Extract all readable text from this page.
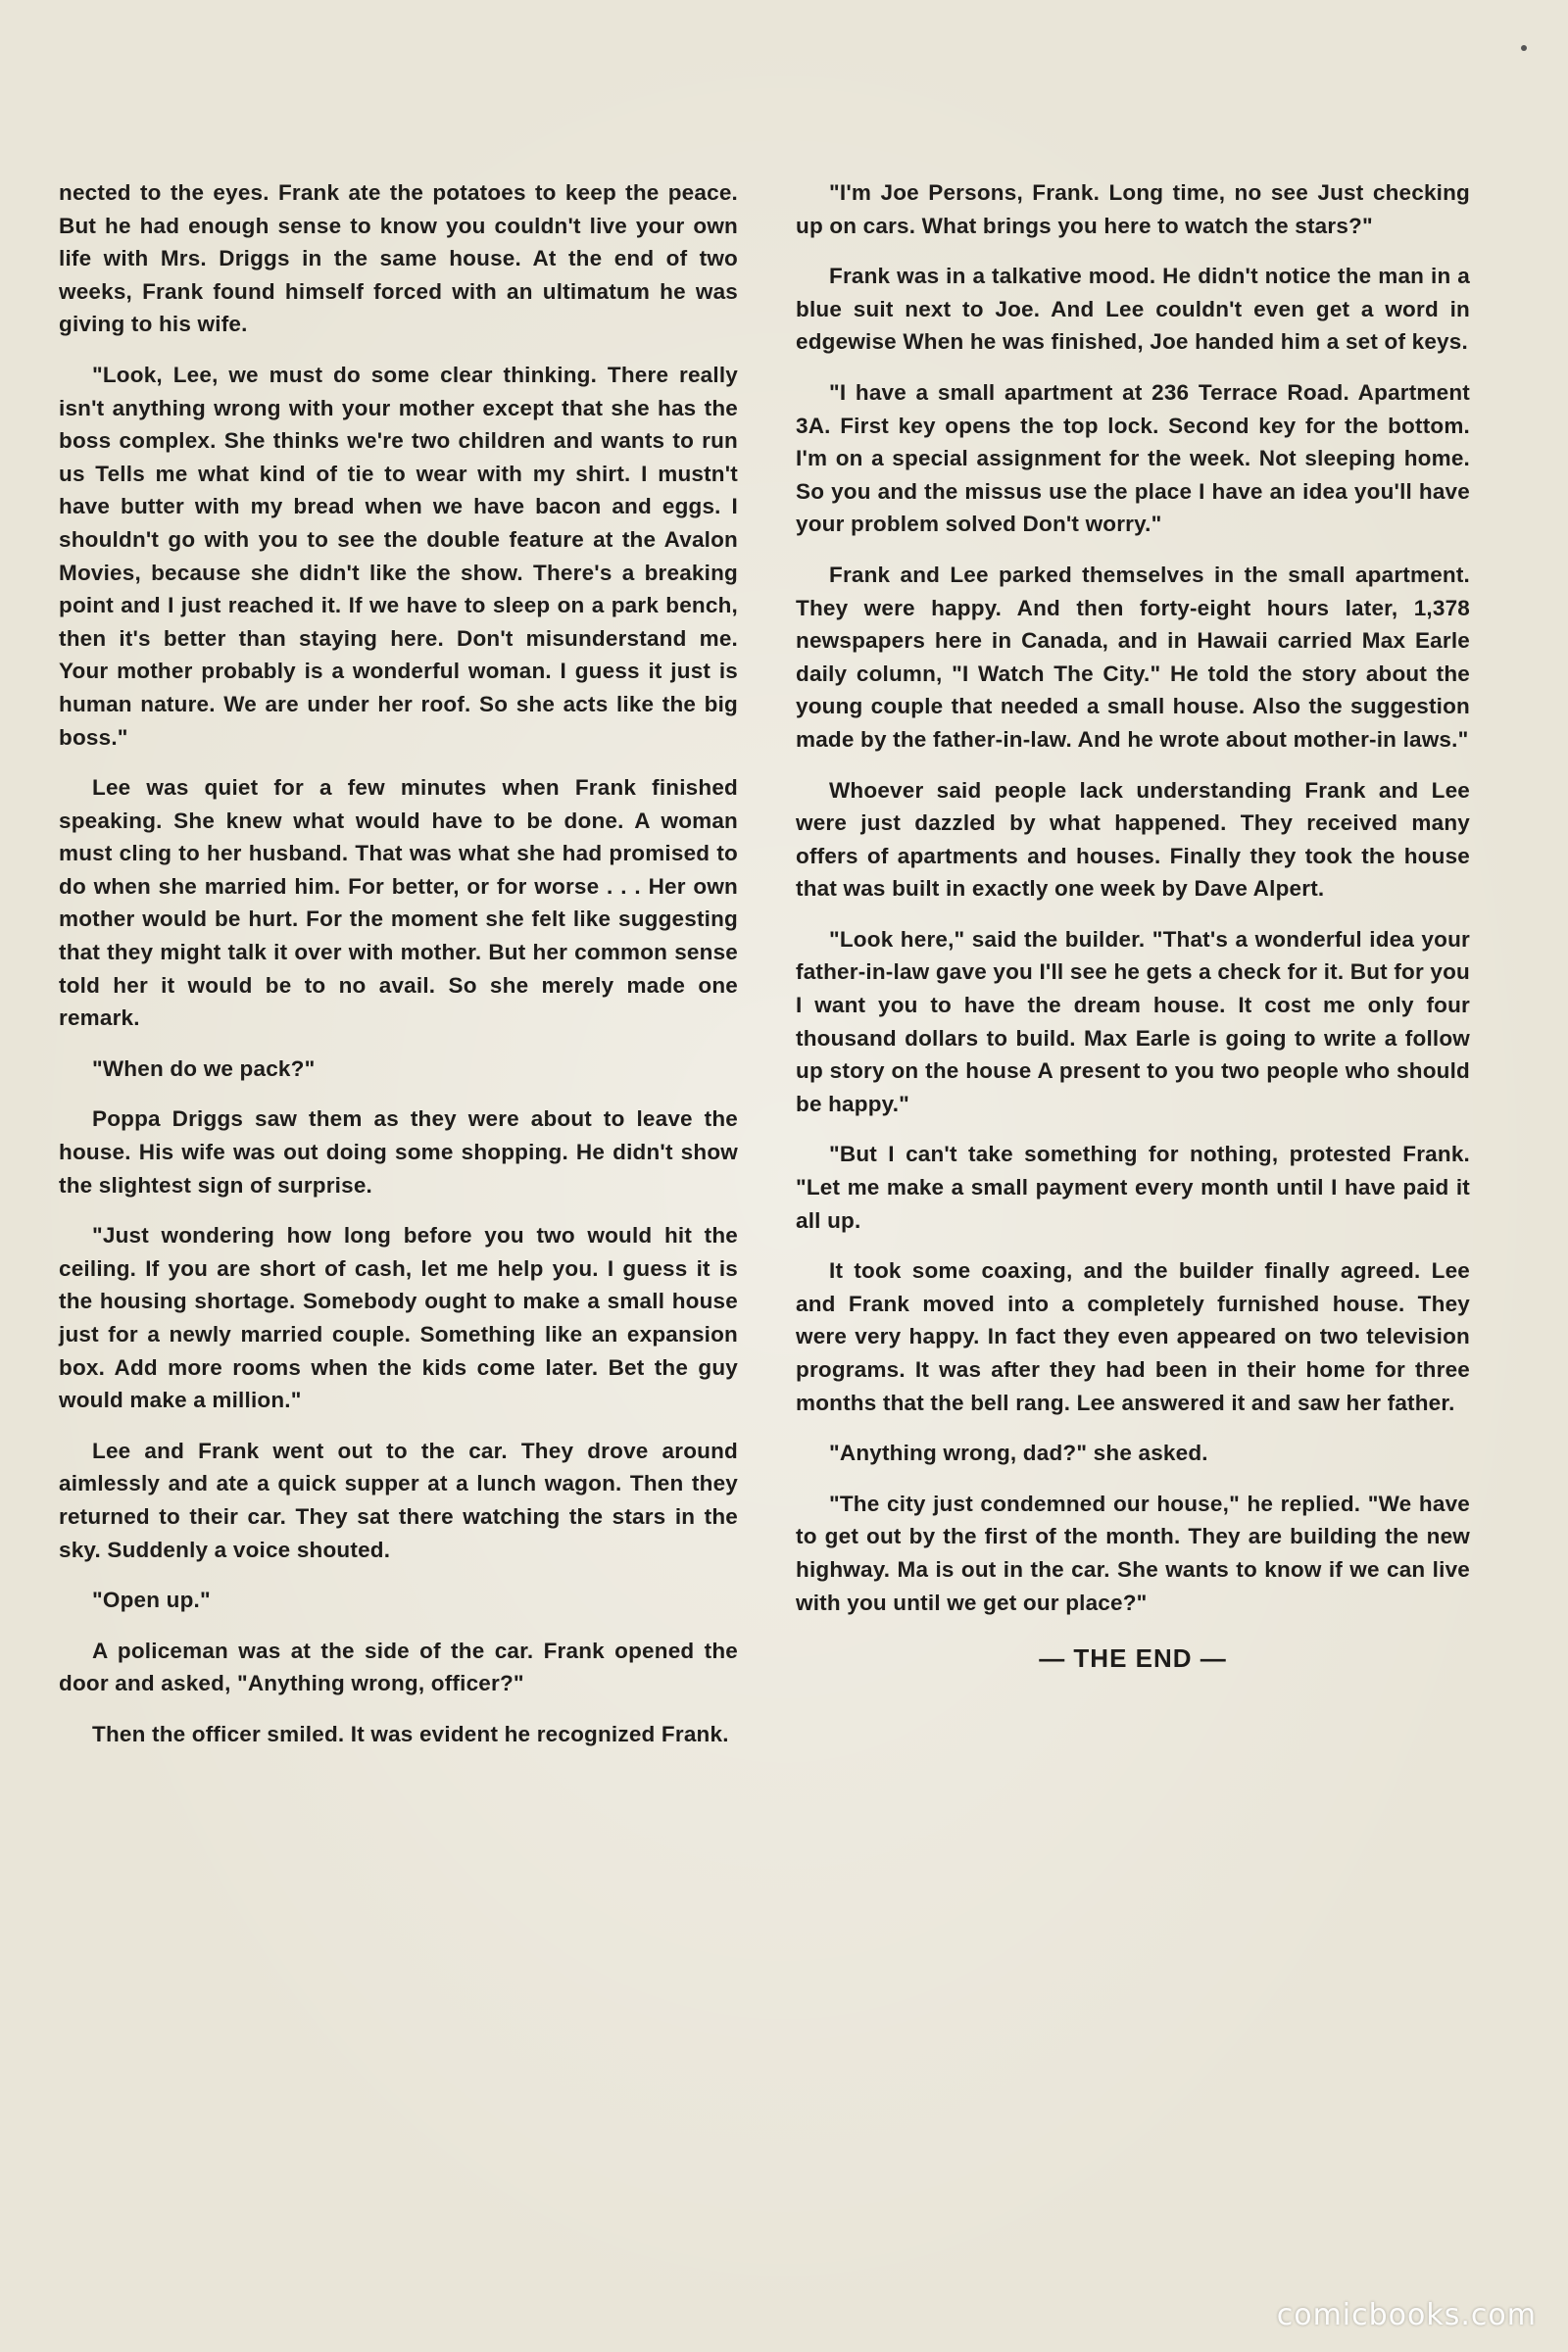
nected to the eyes. Frank ate the potatoes to keep the peace. But he had enough sense to know you couldn't live your own life with Mrs. Driggs in the same house. At the end of two weeks, Frank found himself forced with an ultimatum he was giving to his wife.

"Look, Lee, we must do some clear thinking. There really isn't anything wrong with your mother except that she has the boss complex. She thinks we're two children and wants to run us Tells me what kind of tie to wear with my shirt. I mustn't have butter with my bread when we have bacon and eggs. I shouldn't go with you to see the double feature at the Avalon Movies, because she didn't like the show. There's a breaking point and I just reached it. If we have to sleep on a park bench, then it's better than staying here. Don't misunderstand me. Your mother probably is a wonderful woman. I guess it just is human nature. We are under her roof. So she acts like the big boss."

Lee was quiet for a few minutes when Frank finished speaking. She knew what would have to be done. A woman must cling to her husband. That was what she had promised to do when she married him. For better, or for worse . . . Her own mother would be hurt. For the moment she felt like suggesting that they might talk it over with mother. But her common sense told her it would be to no avail. So she merely made one remark.

"When do we pack?"

Poppa Driggs saw them as they were about to leave the house. His wife was out doing some shopping. He didn't show the slightest sign of surprise.

"Just wondering how long before you two would hit the ceiling. If you are short of cash, let me help you. I guess it is the housing shortage. Somebody ought to make a small house just for a newly married couple. Something like an expansion box. Add more rooms when the kids come later. Bet the guy would make a million."

Lee and Frank went out to the car. They drove around aimlessly and ate a quick supper at a lunch wagon. Then they returned to their car. They sat there watching the stars in the sky. Suddenly a voice shouted.

"Open up."

A policeman was at the side of the car. Frank opened the door and asked, "Anything wrong, officer?"

Then the officer smiled. It was evident he recognized Frank.

"I'm Joe Persons, Frank. Long time, no see Just checking up on cars. What brings you here to watch the stars?"

Frank was in a talkative mood. He didn't notice the man in a blue suit next to Joe. And Lee couldn't even get a word in edgewise When he was finished, Joe handed him a set of keys.

"I have a small apartment at 236 Terrace Road. Apartment 3A. First key opens the top lock. Second key for the bottom. I'm on a special assignment for the week. Not sleeping home. So you and the missus use the place I have an idea you'll have your problem solved Don't worry."

Frank and Lee parked themselves in the small apartment. They were happy. And then forty-eight hours later, 1,378 newspapers here in Canada, and in Hawaii carried Max Earle daily column, "I Watch The City." He told the story about the young couple that needed a small house. Also the suggestion made by the father-in-law. And he wrote about mother-in laws."

Whoever said people lack understanding Frank and Lee were just dazzled by what happened. They received many offers of apartments and houses. Finally they took the house that was built in exactly one week by Dave Alpert.

"Look here," said the builder. "That's a wonderful idea your father-in-law gave you I'll see he gets a check for it. But for you I want you to have the dream house. It cost me only four thousand dollars to build. Max Earle is going to write a follow up story on the house A present to you two people who should be happy."

"But I can't take something for nothing, protested Frank. "Let me make a small payment every month until I have paid it all up.

It took some coaxing, and the builder finally agreed. Lee and Frank moved into a completely furnished house. They were very happy. In fact they even appeared on two television programs. It was after they had been in their home for three months that the bell rang. Lee answered it and saw her father.

"Anything wrong, dad?" she asked.

"The city just condemned our house," he replied. "We have to get out by the first of the month. They are building the new highway. Ma is out in the car. She wants to know if we can live with you until we get our place?"

— THE END —
comicbooks.com
